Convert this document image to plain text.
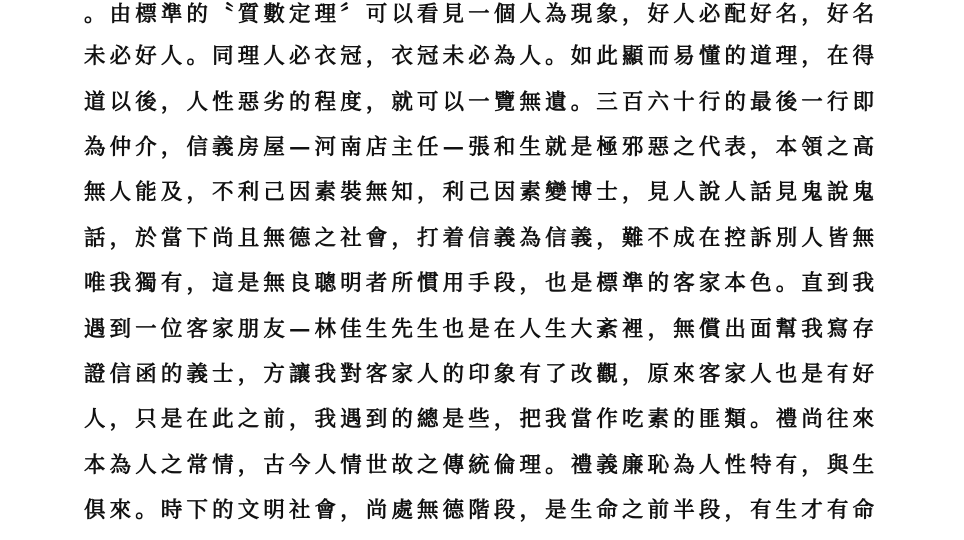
。由標準的〝質數定理〞可以看見一個人為現象，好人必配好名，好名
未必好人。同理人必衣冠，衣冠未必為人。如此顯而易懂的道理，在得
道以後，人性惡劣的程度，就可以一覽無遺。三百六十行的最後一行即
為仲介，信義房屋—河南店主任—張和生就是極邪惡之代表，本領之高
無人能及，不利己因素裝無知，利己因素變博士，見人說人話見鬼說鬼
話，於當下尚且無德之社會，打着信義為信義，難不成在控訴別人皆無
唯我獨有，這是無良聰明者所慣用手段，也是標準的客家本色。直到我
遇到一位客家朋友—林佳生先生也是在人生大紊裡，無償出面幫我寫存
證信函的義士，方讓我對客家人的印象有了改觀，原來客家人也是有好
人，只是在此之前，我遇到的總是些，把我當作吃素的匪類。禮尚往來
本為人之常情，古今人情世故之傳統倫理。禮義廉恥為人性特有，與生
俱來。時下的文明社會，尚處無德階段，是生命之前半段，有生才有命
